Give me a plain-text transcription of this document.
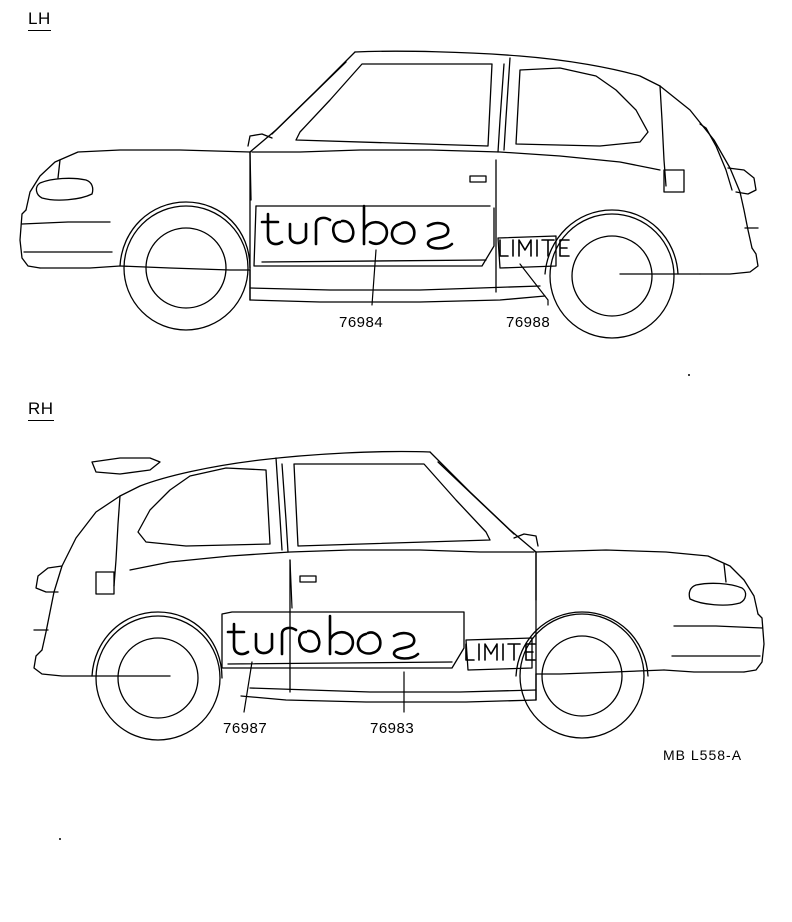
LH
RH
76984	76988
76987	76983
MB L558-A
